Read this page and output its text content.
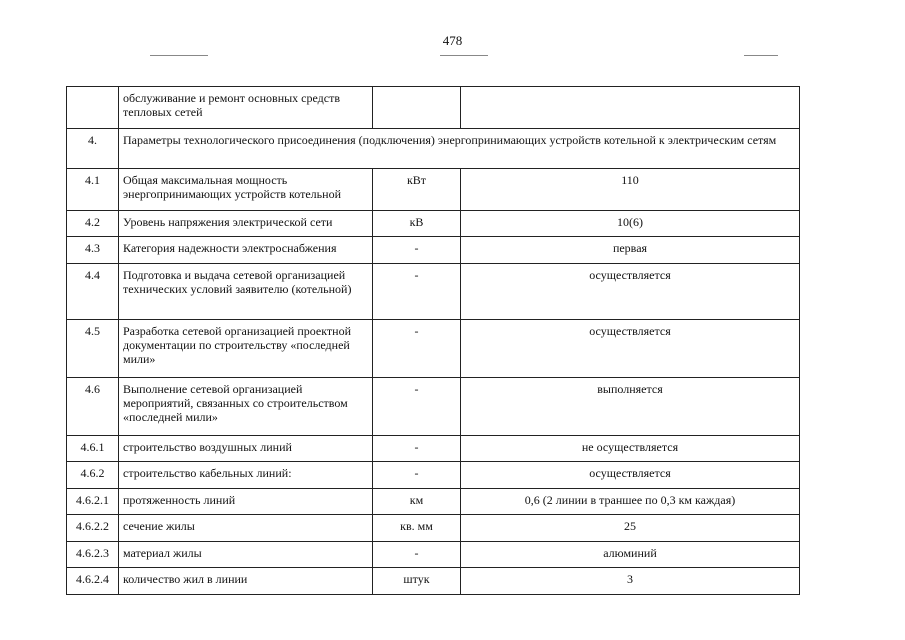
478
	обслуживание и ремонт основных средств тепловых сетей		
4.	Параметры технологического присоединения (подключения) энергопринимающих устройств котельной к электрическим сетям		
4.1	Общая максимальная мощность энергопринимающих устройств котельной	кВт	110
4.2	Уровень напряжения электрической сети	кВ	10(6)
4.3	Категория надежности электроснабжения	-	первая
4.4	Подготовка и выдача сетевой организацией технических условий заявителю (котельной)	-	осуществляется
4.5	Разработка сетевой организацией проектной документации по строительству «последней мили»	-	осуществляется
4.6	Выполнение сетевой организацией мероприятий, связанных со строительством «последней мили»	-	выполняется
4.6.1	строительство воздушных линий	-	не осуществляется
4.6.2	строительство кабельных линий:	-	осуществляется
4.6.2.1	протяженность линий	км	0,6 (2 линии в траншее по 0,3 км каждая)
4.6.2.2	сечение жилы	кв. мм	25
4.6.2.3	материал жилы	-	алюминий
4.6.2.4	количество жил в линии	штук	3
